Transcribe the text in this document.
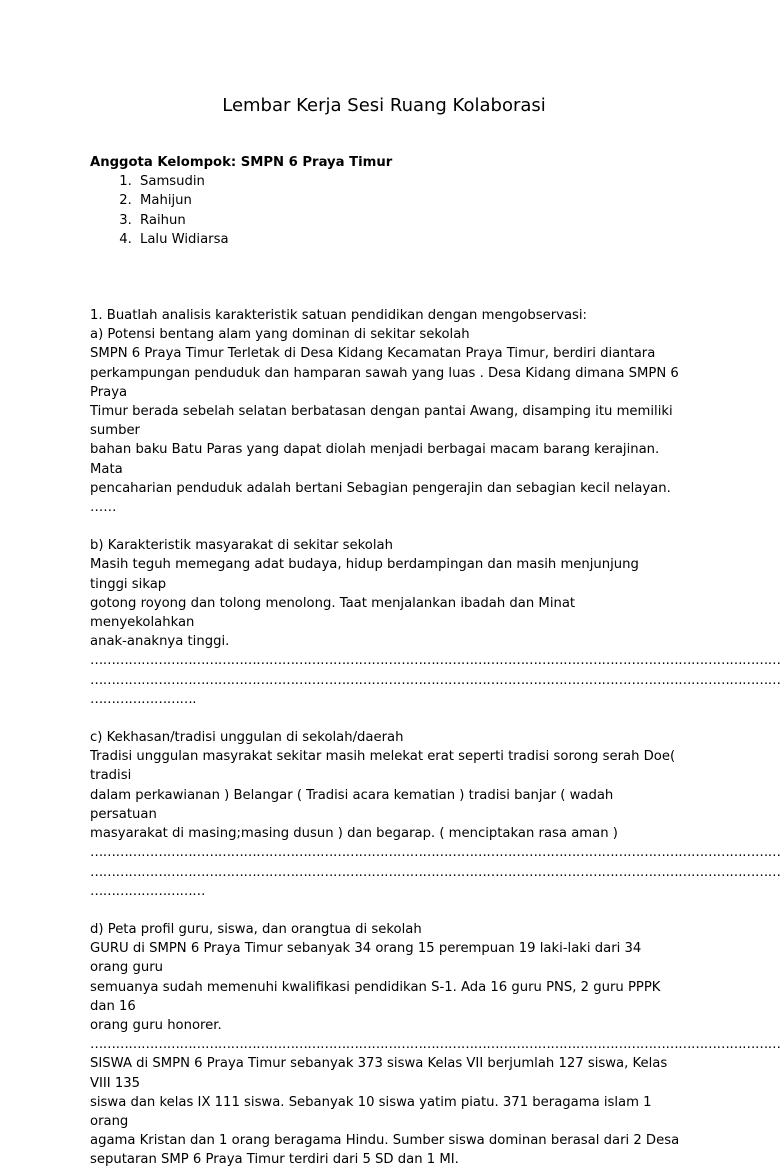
Lembar Kerja Sesi Ruang Kolaborasi

Anggota Kelompok: SMPN 6 Praya Timur

1. Samsudin
2. Mahijun
3. Raihun
4. Lalu Widiarsa

1. Buatlah analisis karakteristik satuan pendidikan dengan mengobservasi:

a) Potensi bentang alam yang dominan di sekitar sekolah

SMPN 6 Praya Timur Terletak di Desa Kidang Kecamatan Praya Timur, berdiri diantara

perkampungan penduduk dan hamparan sawah yang luas . Desa Kidang dimana SMPN 6 Praya

Timur berada sebelah selatan berbatasan dengan pantai Awang, disamping itu memiliki sumber

bahan baku Batu Paras yang dapat diolah menjadi berbagai macam barang kerajinan. Mata

pencaharian penduduk adalah bertani Sebagian pengerajin dan sebagian kecil nelayan. ……

b) Karakteristik masyarakat di sekitar sekolah

Masih teguh memegang adat budaya, hidup berdampingan dan masih menjunjung tinggi sikap

gotong royong dan tolong menolong. Taat menjalankan ibadah dan Minat menyekolahkan

anak-anaknya tinggi.

………………………………………………………………………………………………………………………………………………

………………………………………………………………………………………………………………………………………………

…………………….

c) Kekhasan/tradisi unggulan di sekolah/daerah

Tradisi unggulan masyrakat sekitar masih melekat erat seperti tradisi sorong serah Doe( tradisi

dalam perkawianan ) Belangar ( Tradisi acara kematian ) tradisi banjar ( wadah persatuan

masyarakat di masing;masing dusun ) dan begarap. ( menciptakan rasa aman )

………………………………………………………………………………………………………………………………………………

………………………………………………………………………………………………………………………………………………

………………………

d) Peta profil guru, siswa, dan orangtua di sekolah

GURU di SMPN 6 Praya Timur sebanyak 34 orang 15 perempuan 19 laki-laki dari 34 orang guru

semuanya sudah memenuhi kwalifikasi pendidikan S-1. Ada 16 guru PNS, 2 guru PPPK dan 16

orang guru honorer.

………………………………………………………………………………………………………………………………………………

SISWA di SMPN 6 Praya Timur sebanyak 373 siswa Kelas VII berjumlah 127 siswa, Kelas VIII 135

siswa dan kelas IX 111 siswa. Sebanyak 10 siswa yatim piatu. 371 beragama islam 1 orang

agama Kristan dan 1 orang beragama Hindu. Sumber siswa dominan berasal dari 2 Desa

seputaran SMP 6 Praya Timur terdiri dari 5 SD dan 1 MI.
